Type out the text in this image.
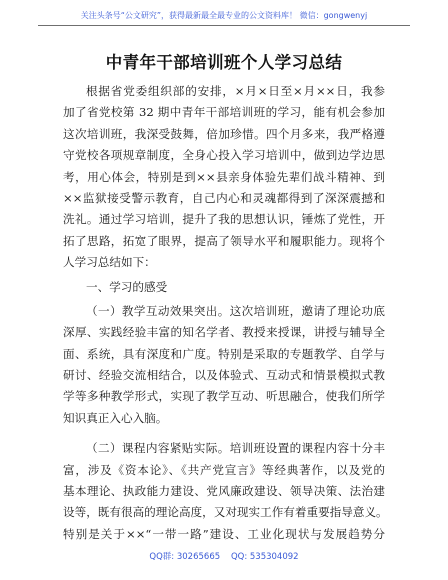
关注头条号“公文研究”，获得最新最全最专业的公文资料库！ 微信：gongwenyj
中青年干部培训班个人学习总结
根据省党委组织部的安排，×月×日至×月××日，我参
加了省党校第 32 期中青年干部培训班的学习，能有机会参加
这次培训班，我深受鼓舞，倍加珍惜。四个月多来，我严格遵
守党校各项规章制度，全身心投入学习培训中，做到边学边思
考，用心体会，特别是到××县亲身体验先辈们战斗精神、到
××监狱接受警示教育，自己内心和灵魂都得到了深深震撼和
洗礼。通过学习培训，提升了我的思想认识，锤炼了党性，开
拓了思路，拓宽了眼界，提高了领导水平和履职能力。现将个
人学习总结如下：
一、学习的感受
（一）教学互动效果突出。这次培训班，邀请了理论功底
深厚、实践经验丰富的知名学者、教授来授课，讲授与辅导全
面、系统，具有深度和广度。特别是采取的专题教学、自学与
研讨、经验交流相结合，以及体验式、互动式和情景模拟式教
学等多种教学形式，实现了教学互动、听思融合，使我们所学
知识真正入心入脑。
（二）课程内容紧贴实际。培训班设置的课程内容十分丰
富，涉及《资本论》、《共产党宣言》等经典著作，以及党的
基本理论、执政能力建设、党风廉政建设、领导决策、法治建
设等，既有很高的理论高度，又对现实工作有着重要指导意义。
特别是关于××“一带一路”建设、工业化现状与发展趋势分
QQ群: 30265665    QQ: 535304092
